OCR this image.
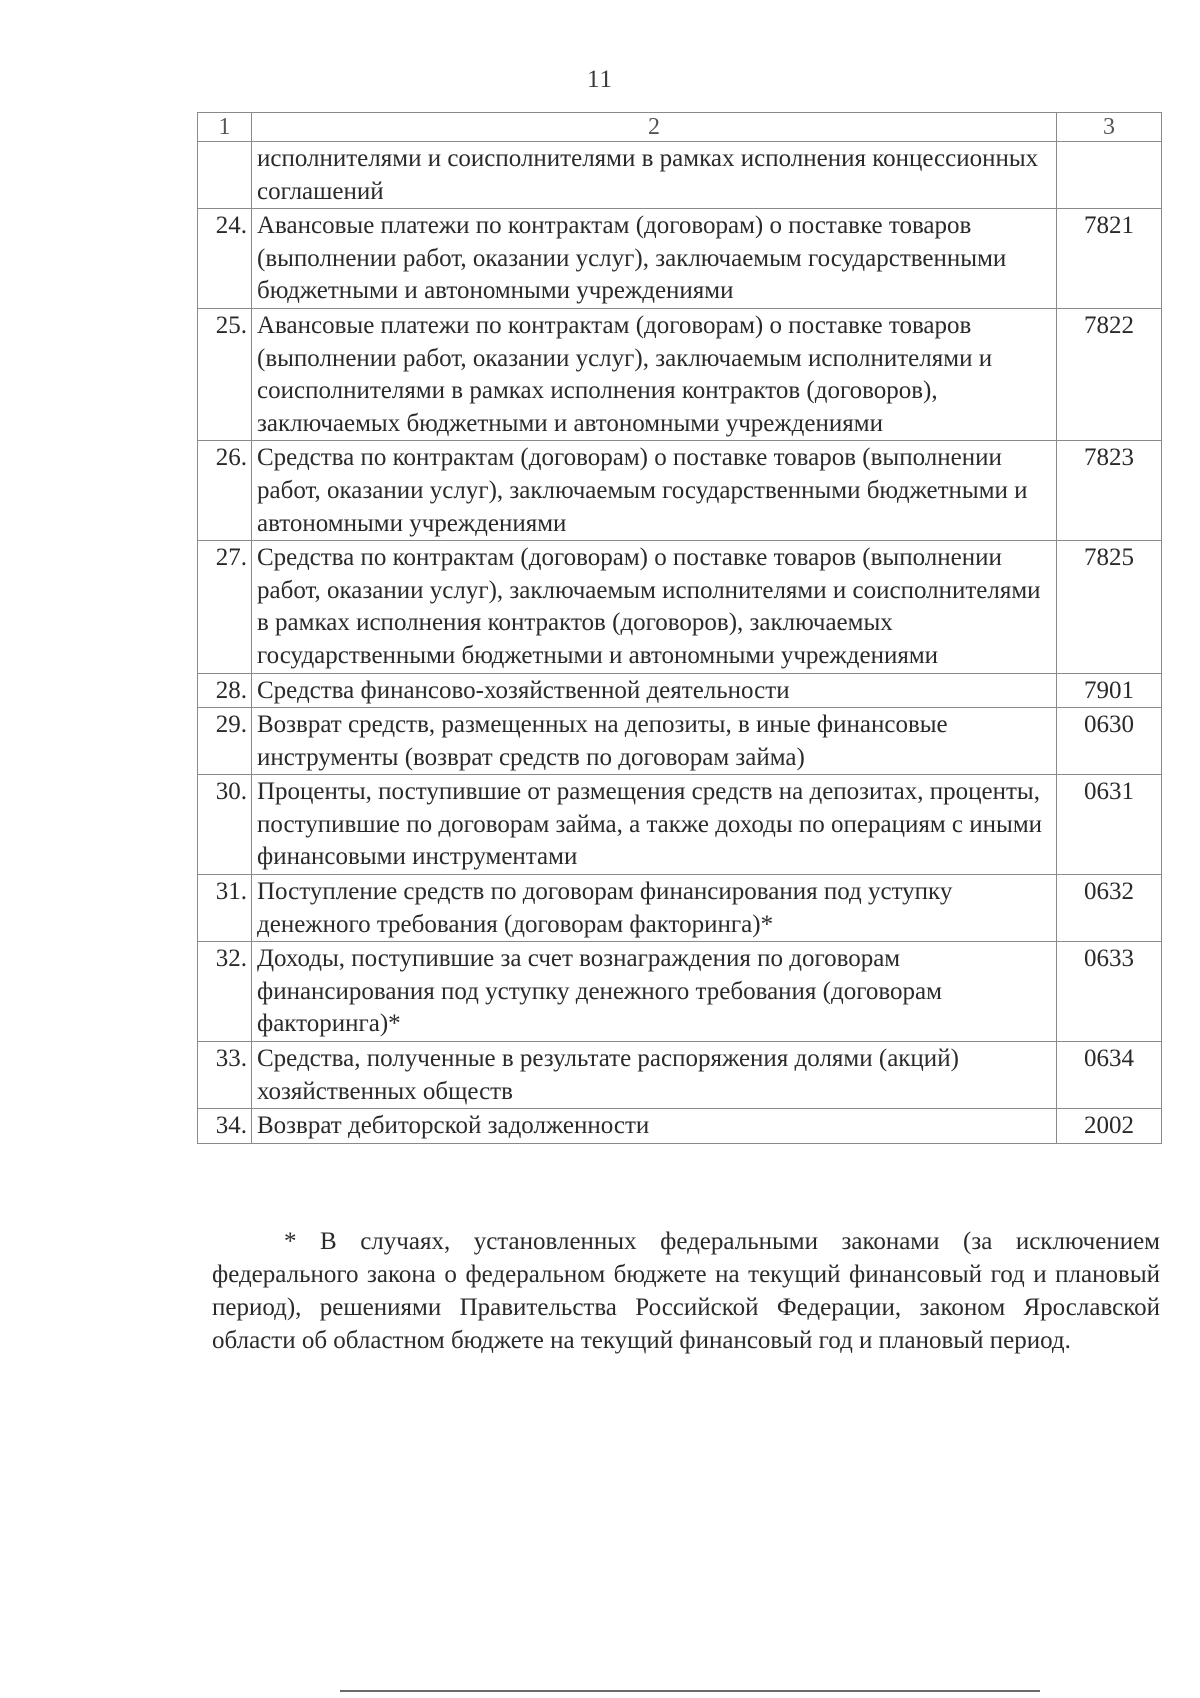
11
1	2	3
	исполнителями и соисполнителями в рамках исполнения концессионных соглашений	
24.	Авансовые платежи по контрактам (договорам) о поставке товаров (выполнении работ, оказании услуг), заключаемым государственными бюджетными и автономными учреждениями	7821
25.	Авансовые платежи по контрактам (договорам) о поставке товаров (выполнении работ, оказании услуг), заключаемым исполнителями и соисполнителями в рамках исполнения контрактов (договоров), заключаемых бюджетными и автономными учреждениями	7822
26.	Средства по контрактам (договорам) о поставке товаров (выполнении работ, оказании услуг), заключаемым государственными бюджетными и автономными учреждениями	7823
27.	Средства по контрактам (договорам) о поставке товаров (выполнении работ, оказании услуг), заключаемым исполнителями и соисполнителями в рамках исполнения контрактов (договоров), заключаемых государственными бюджетными и автономными учреждениями	7825
28.	Средства финансово-хозяйственной деятельности	7901
29.	Возврат средств, размещенных на депозиты, в иные финансовые инструменты (возврат средств по договорам займа)	0630
30.	Проценты, поступившие от размещения средств на депозитах, проценты, поступившие по договорам займа, а также доходы по операциям с иными финансовыми инструментами	0631
31.	Поступление средств по договорам финансирования под уступку денежного требования (договорам факторинга)*	0632
32.	Доходы, поступившие за счет вознаграждения по договорам финансирования под уступку денежного требования (договорам факторинга)*	0633
33.	Средства, полученные в результате распоряжения долями (акций) хозяйственных обществ	0634
34.	Возврат дебиторской задолженности	2002
* В случаях, установленных федеральными законами (за исключением федерального закона о федеральном бюджете на текущий финансовый год и плановый период), решениями Правительства Российской Федерации, законом Ярославской области об областном бюджете на текущий финансовый год и плановый период.
